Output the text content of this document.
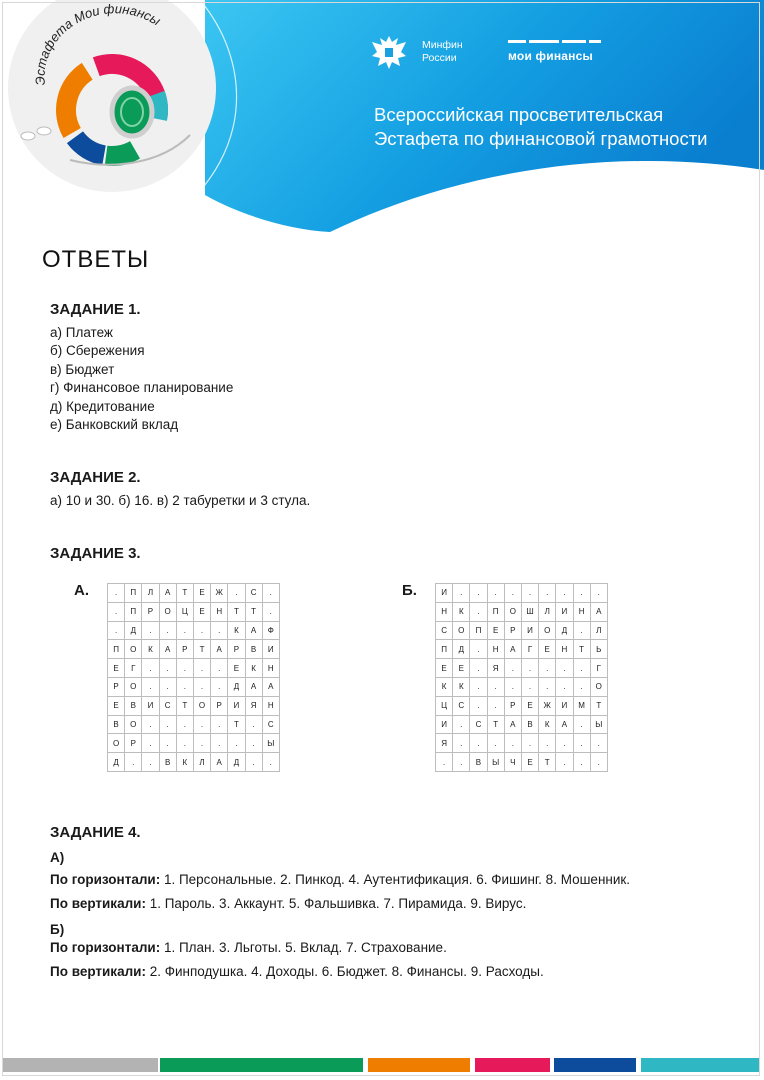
Эстафета Мои финансы
Минфин
России	мои финансы
Всероссийская просветительская
Эстафета по финансовой грамотности
ОТВЕТЫ
ЗАДАНИЕ 1.
а) Платеж
б) Сбережения
в) Бюджет
г) Финансовое планирование
д) Кредитование
е) Банковский вклад
ЗАДАНИЕ 2.
а) 10 и 30. б) 16. в) 2 табуретки и 3 стула.
ЗАДАНИЕ 3.
А.	.	П	Л	А	Т	Е	Ж	.	С	.
.	П	Р	О	Ц	Е	Н	Т	Т	.
.	Д	.	.	.	.	.	К	А	Ф
П	О	К	А	Р	Т	А	Р	В	И
Е	Г	.	.	.	.	.	Е	К	Н
Р	О	.	.	.	.	.	Д	А	А
Е	В	И	С	Т	О	Р	И	Я	Н
В	О	.	.	.	.	.	Т	.	С
О	Р	.	.	.	.	.	.	.	Ы
Д	.	.	В	К	Л	А	Д	.	.
Б.	И	.	.	.	.	.	.	.	.	.
Н	К	.	П	О	Ш	Л	И	Н	А
С	О	П	Е	Р	И	О	Д	.	Л
П	Д	.	Н	А	Г	Е	Н	Т	Ь
Е	Е	.	Я	.	.	.	.	.	Г
К	К	.	.	.	.	.	.	.	О
Ц	С	.	.	Р	Е	Ж	И	М	Т
И	.	С	Т	А	В	К	А	.	Ы
Я	.	.	.	.	.	.	.	.	.
.	.	В	Ы	Ч	Е	Т	.	.	.
ЗАДАНИЕ 4.
А)
По горизонтали: 1. Персональные. 2. Пинкод. 4. Аутентификация. 6. Фишинг. 8. Мошенник.
По вертикали: 1. Пароль. 3. Аккаунт. 5. Фальшивка. 7. Пирамида. 9. Вирус.
Б)
По горизонтали: 1. План. 3. Льготы. 5. Вклад. 7. Страхование.
По вертикали: 2. Финподушка. 4. Доходы. 6. Бюджет. 8. Финансы. 9. Расходы.
